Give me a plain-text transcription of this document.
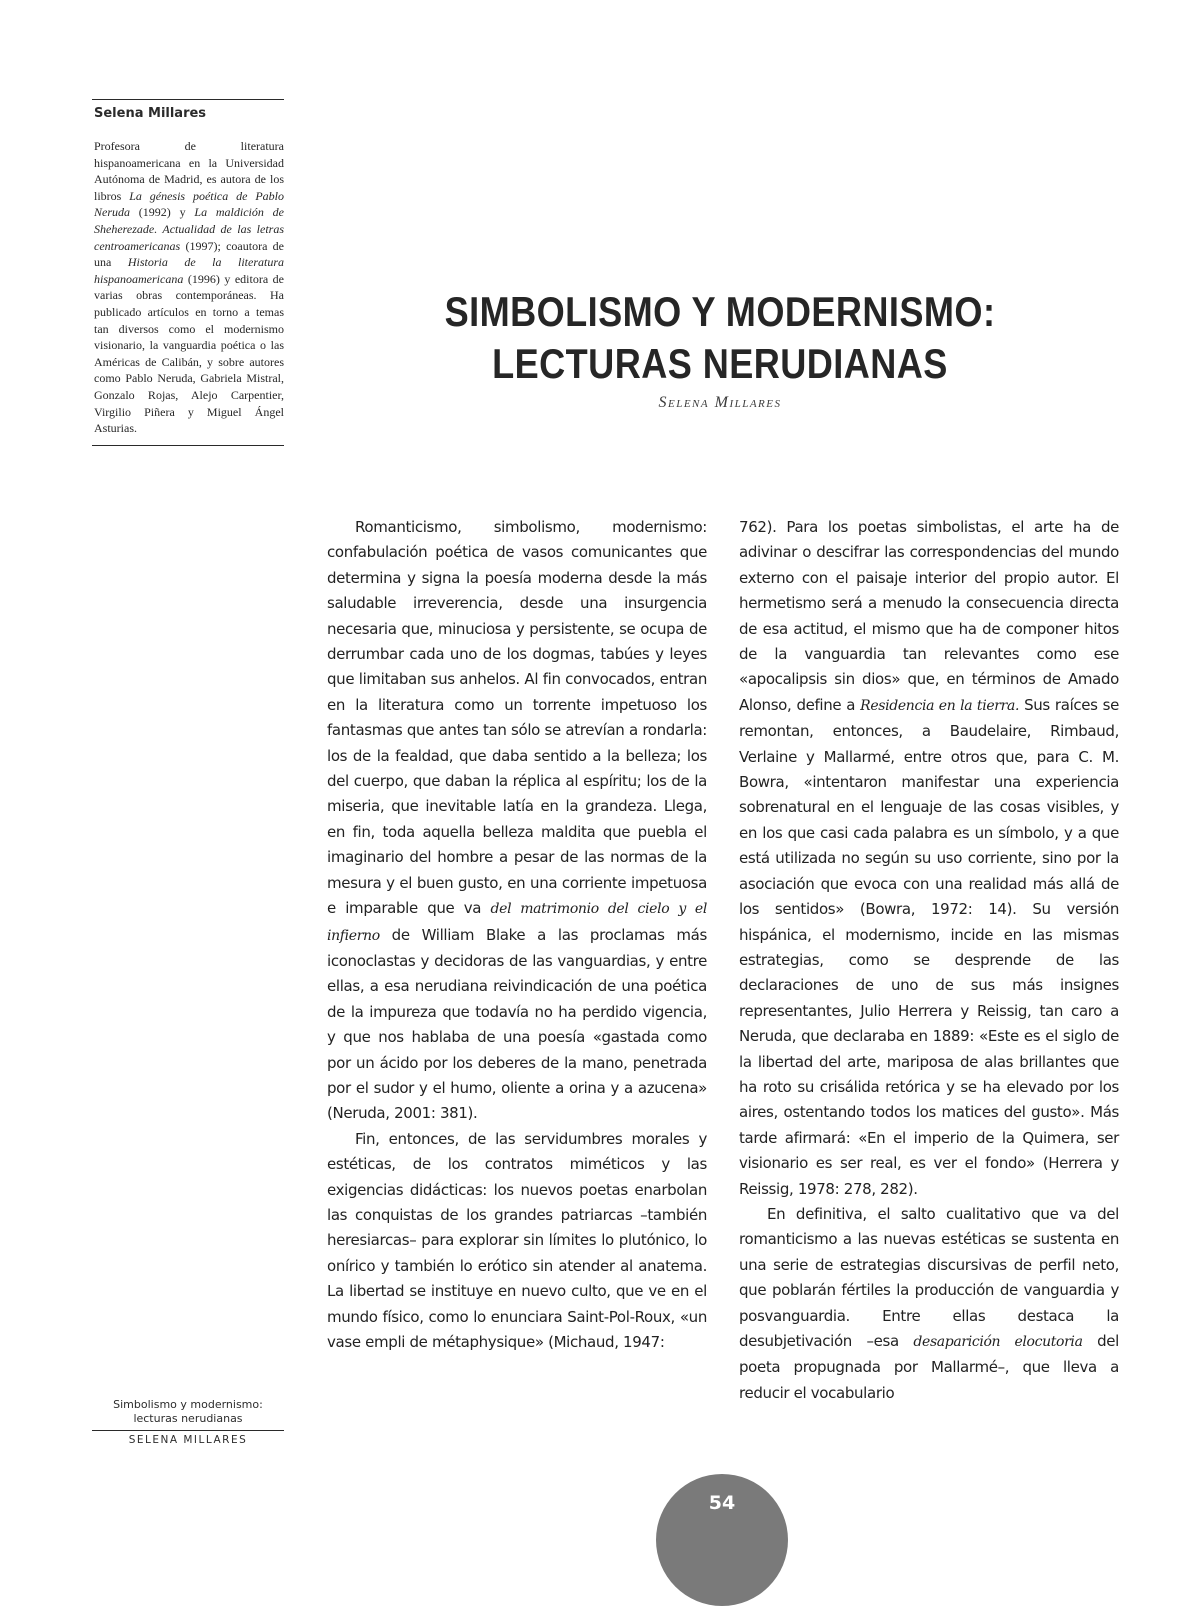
Selena Millares
Profesora de literatura hispanoamericana en la Universidad Autónoma de Madrid, es autora de los libros La génesis poética de Pablo Neruda (1992) y La maldición de Sheherezade. Actualidad de las letras centroamericanas (1997); coautora de una Historia de la literatura hispanoamericana (1996) y editora de varias obras contemporáneas. Ha publicado artículos en torno a temas tan diversos como el modernismo visionario, la vanguardia poética o las Américas de Calibán, y sobre autores como Pablo Neruda, Gabriela Mistral, Gonzalo Rojas, Alejo Carpentier, Virgilio Piñera y Miguel Ángel Asturias.
SIMBOLISMO Y MODERNISMO:
LECTURAS NERUDIANAS
Selena Millares

Romanticismo, simbolismo, modernismo: confabulación poética de vasos comunicantes que determina y signa la poesía moderna desde la más saludable irreverencia, desde una insurgencia necesaria que, minuciosa y persistente, se ocupa de derrumbar cada uno de los dogmas, tabúes y leyes que limitaban sus anhelos. Al fin convocados, entran en la literatura como un torrente impetuoso los fantasmas que antes tan sólo se atrevían a rondarla: los de la fealdad, que daba sentido a la belleza; los del cuerpo, que daban la réplica al espíritu; los de la miseria, que inevitable latía en la grandeza. Llega, en fin, toda aquella belleza maldita que puebla el imaginario del hombre a pesar de las normas de la mesura y el buen gusto, en una corriente impetuosa e imparable que va del matrimonio del cielo y el infierno de William Blake a las proclamas más iconoclastas y decidoras de las vanguardias, y entre ellas, a esa nerudiana reivindicación de una poética de la impureza que todavía no ha perdido vigencia, y que nos hablaba de una poesía «gastada como por un ácido por los deberes de la mano, penetrada por el sudor y el humo, oliente a orina y a azucena» (Neruda, 2001: 381).

Fin, entonces, de las servidumbres morales y estéticas, de los contratos miméticos y las exigencias didácticas: los nuevos poetas enarbolan las conquistas de los grandes patriarcas –también heresiarcas– para explorar sin límites lo plutónico, lo onírico y también lo erótico sin atender al anatema. La libertad se instituye en nuevo culto, que ve en el mundo físico, como lo enunciara Saint-Pol-Roux, «un vase empli de métaphysique» (Michaud, 1947:

762). Para los poetas simbolistas, el arte ha de adivinar o descifrar las correspondencias del mundo externo con el paisaje interior del propio autor. El hermetismo será a menudo la consecuencia directa de esa actitud, el mismo que ha de componer hitos de la vanguardia tan relevantes como ese «apocalipsis sin dios» que, en términos de Amado Alonso, define a Residencia en la tierra. Sus raíces se remontan, entonces, a Baudelaire, Rimbaud, Verlaine y Mallarmé, entre otros que, para C. M. Bowra, «intentaron manifestar una experiencia sobrenatural en el lenguaje de las cosas visibles, y en los que casi cada palabra es un símbolo, y a que está utilizada no según su uso corriente, sino por la asociación que evoca con una realidad más allá de los sentidos» (Bowra, 1972: 14). Su versión hispánica, el modernismo, incide en las mismas estrategias, como se desprende de las declaraciones de uno de sus más insignes representantes, Julio Herrera y Reissig, tan caro a Neruda, que declaraba en 1889: «Este es el siglo de la libertad del arte, mariposa de alas brillantes que ha roto su crisálida retórica y se ha elevado por los aires, ostentando todos los matices del gusto». Más tarde afirmará: «En el imperio de la Quimera, ser visionario es ser real, es ver el fondo» (Herrera y Reissig, 1978: 278, 282).

En definitiva, el salto cualitativo que va del romanticismo a las nuevas estéticas se sustenta en una serie de estrategias discursivas de perfil neto, que poblarán fértiles la producción de vanguardia y posvanguardia. Entre ellas destaca la desubjetivación –esa desaparición elocutoria del poeta propugnada por Mallarmé–, que lleva a reducir el vocabulario

Simbolismo y modernismo:
lecturas nerudianas
SELENA MILLARES
54
